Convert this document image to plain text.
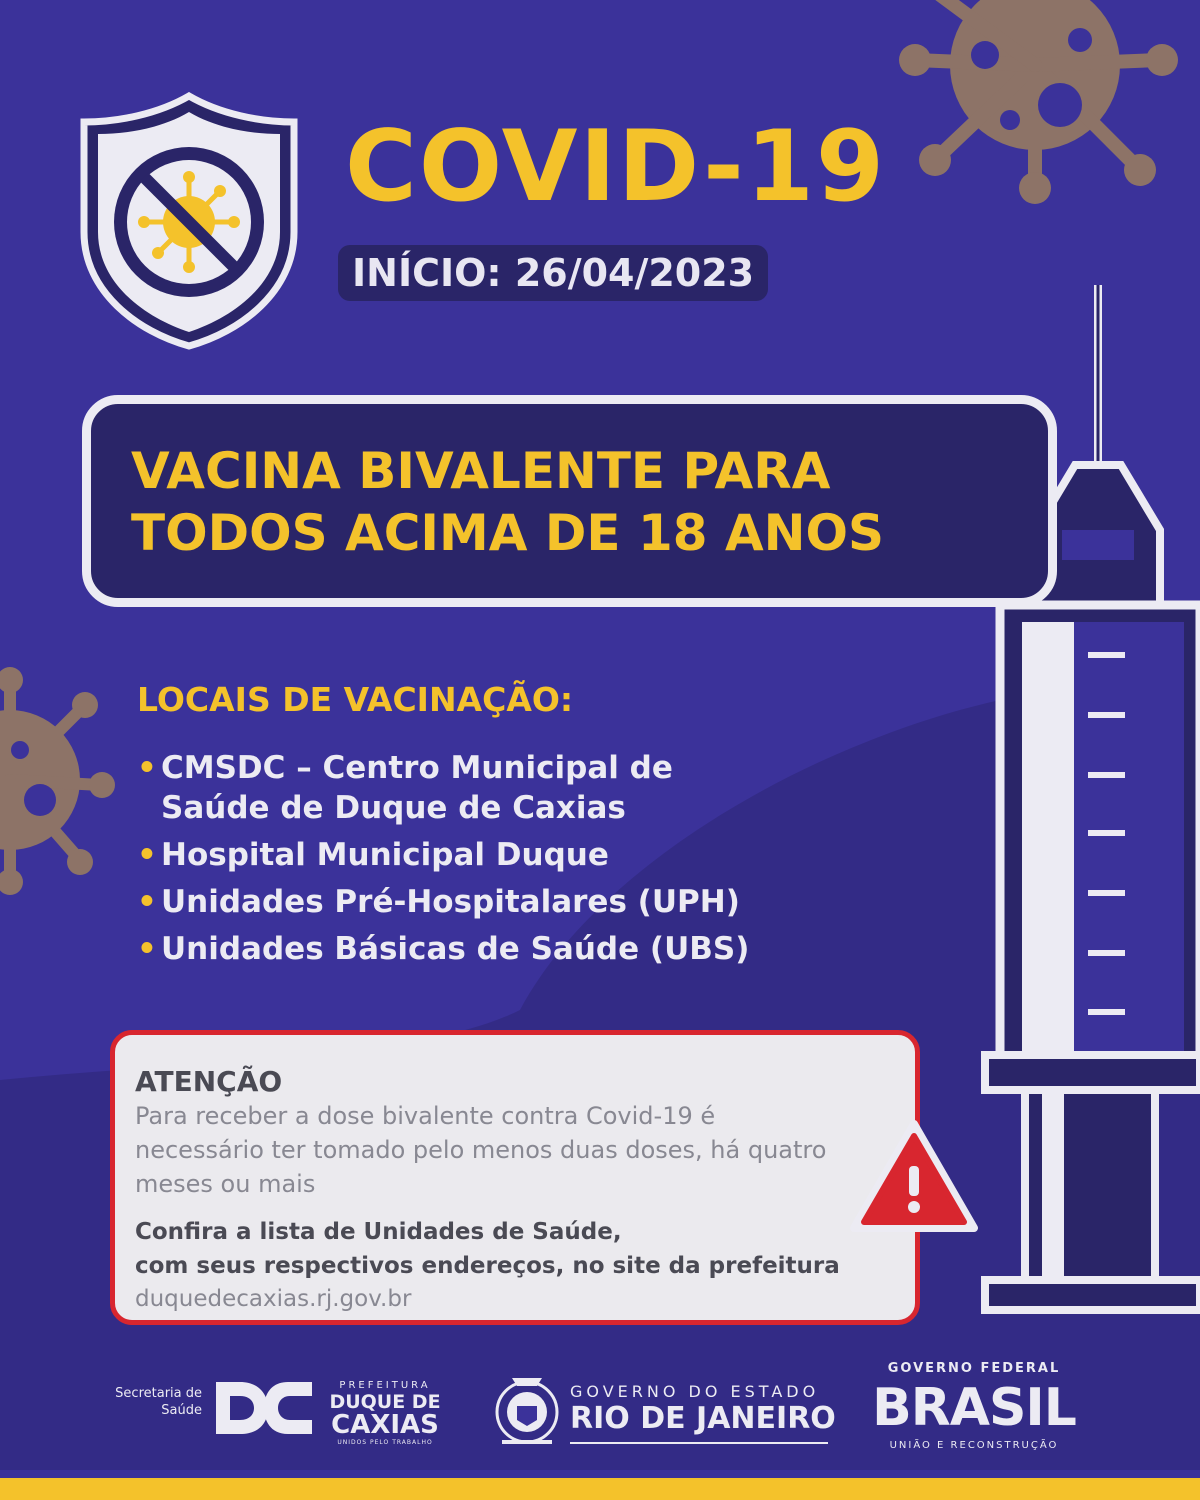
COVID-19
INÍCIO: 26/04/2023
VACINA BIVALENTE PARA
TODOS ACIMA DE 18 ANOS
LOCAIS DE VACINAÇÃO:
• CMSDC – Centro Municipal de Saúde de Duque de Caxias
• Hospital Municipal Duque
• Unidades Pré-Hospitalares (UPH)
• Unidades Básicas de Saúde (UBS)
ATENÇÃO
Para receber a dose bivalente contra Covid-19 é necessário ter tomado pelo menos duas doses, há quatro meses ou mais
Confira a lista de Unidades de Saúde,
com seus respectivos endereços, no site da prefeitura
duquedecaxias.rj.gov.br
Secretaria de
Saúde
PREFEITURA
DUQUE DE
CAXIAS
UNIDOS PELO TRABALHO
GOVERNO DO ESTADO
RIO DE JANEIRO
GOVERNO FEDERAL
BRASIL
UNIÃO E RECONSTRUÇÃO
